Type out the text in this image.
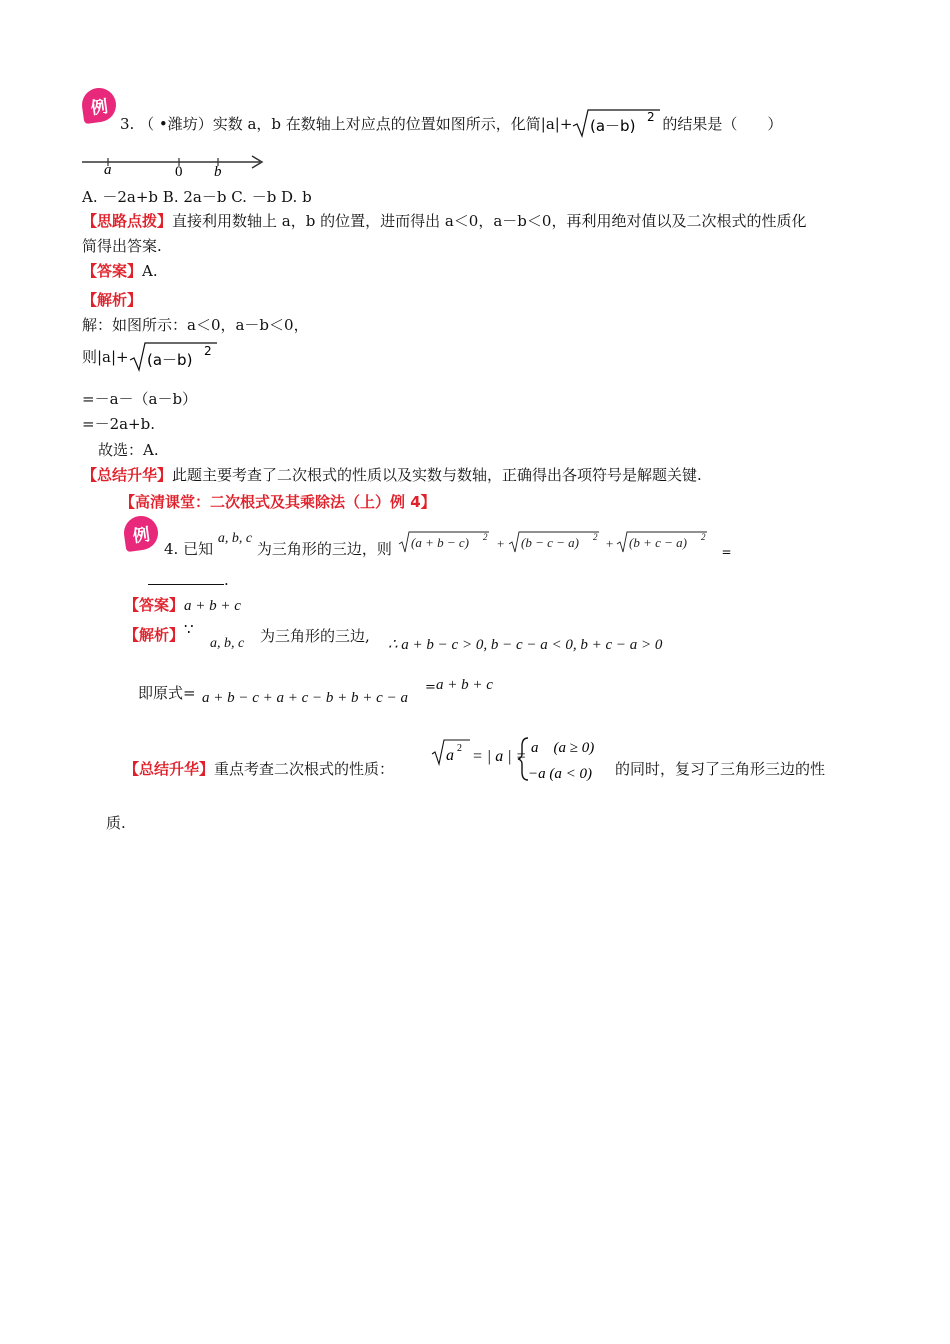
例
3. （ •潍坊）实数 a，b 在数轴上对应点的位置如图所示，化简|a|+ (a－b) 2 的结果是（　　）
a	0 b
A. －2a+b B. 2a－b C. －b D. b
【思路点拨】直接利用数轴上 a，b 的位置，进而得出 a＜0，a－b＜0，再利用绝对值以及二次根式的性质化
简得出答案.
【答案】A.
【解析】
解：如图所示：a＜0，a－b＜0，
则|a|+ (a－b) 2
=－a－（a－b）
=－2a+b.
故选：A.
【总结升华】此题主要考查了二次根式的性质以及实数与数轴，正确得出各项符号是解题关键.
【高清课堂：二次根式及其乘除法（上）例 4】
例
4. 已知 a, b, c 为三角形的三边，则 (a + b − c) 2 + (b − c − a) 2 + (b + c − a) 2
=
.
【答案】a + b + c
【解析】∵
a, b, c 为三角形的三边, ∴ a + b − c > 0, b − c − a < 0, b + c − a > 0
即原式= a + b − c + a + c − b + b + c − a
= a + b + c
【总结升华】重点考查二次根式的性质：
a 2 = | a | = a　(a ≥ 0)
−a (a < 0) 的同时，复习了三角形三边的性
质.
